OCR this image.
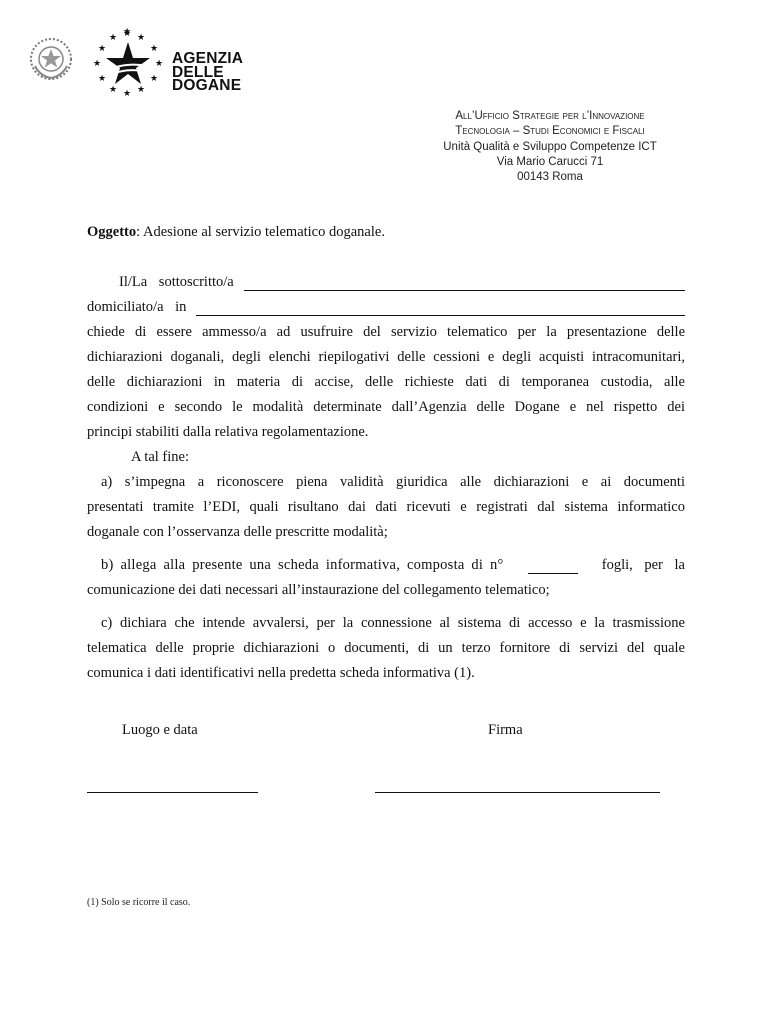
★
★ ★
★	★
★	★
★	★
★ ★
★
AGENZIA
DELLE
DOGANE
All’Ufficio Strategie per l’Innovazione
Tecnologia – Studi Economici e Fiscali
Unità Qualità e Sviluppo Competenze ICT
Via Mario Carucci 71
00143 Roma
Oggetto: Adesione al servizio telematico doganale.
Il/La sottoscritto/a
domiciliato/a in
chiede di essere ammesso/a ad usufruire del servizio telematico per la presentazione delle
dichiarazioni doganali, degli elenchi riepilogativi delle cessioni e degli acquisti intracomunitari,
delle dichiarazioni in materia di accise, delle richieste dati di temporanea custodia, alle
condizioni e secondo le modalità determinate dall’Agenzia delle Dogane e nel rispetto dei
principi stabiliti dalla relativa regolamentazione.
A tal fine:
a) s’impegna a riconoscere piena validità giuridica alle dichiarazioni e ai documenti
presentati tramite l’EDI, quali risultano dai dati ricevuti e registrati dal sistema informatico
doganale con l’osservanza delle prescritte modalità;
b) allega alla presente una scheda informativa, composta di n°	fogli, per la
comunicazione dei dati necessari all’instaurazione del collegamento telematico;
c) dichiara che intende avvalersi, per la connessione al sistema di accesso e la trasmissione
telematica delle proprie dichiarazioni o documenti, di un terzo fornitore di servizi del quale
comunica i dati identificativi nella predetta scheda informativa (1).
Luogo e data	Firma
(1) Solo se ricorre il caso.
